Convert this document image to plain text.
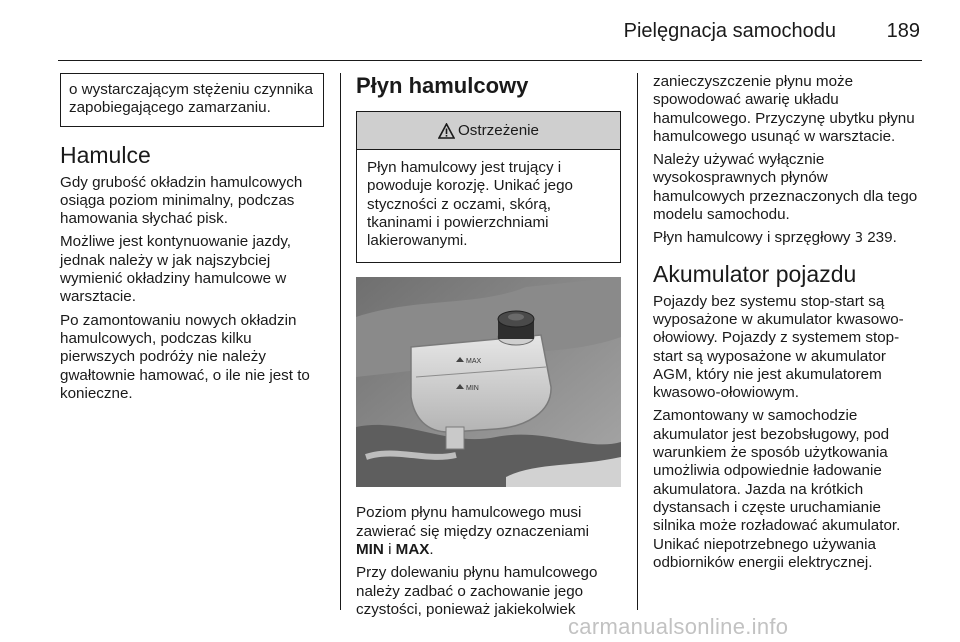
Pielęgnacja samochodu	189
o wystarczającym stężeniu czynnika zapobiegającego zamarzaniu.
Hamulce

Gdy grubość okładzin hamulcowych osiąga poziom minimalny, podczas hamowania słychać pisk.

Możliwe jest kontynuowanie jazdy, jednak należy w jak najszybciej wymienić okładziny hamulcowe w warsztacie.

Po zamontowaniu nowych okładzin hamulcowych, podczas kilku pierwszych podróży nie należy gwałtownie hamować, o ile nie jest to konieczne.

Płyn hamulcowy
Ostrzeżenie
Płyn hamulcowy jest trujący i powoduje korozję. Unikać jego styczności z oczami, skórą, tkaninami i powierzchniami lakierowanymi.
MAX
MIN

Poziom płynu hamulcowego musi zawierać się między oznaczeniami MIN i MAX.

Przy dolewaniu płynu hamulcowego należy zadbać o zachowanie jego czystości, ponieważ jakiekolwiek

zanieczyszczenie płynu może spowodować awarię układu hamulcowego. Przyczynę ubytku płynu hamulcowego usunąć w warsztacie.

Należy używać wyłącznie wysokosprawnych płynów hamulcowych przeznaczonych dla tego modelu samochodu.

Płyn hamulcowy i sprzęgłowy 3 239.

Akumulator pojazdu

Pojazdy bez systemu stop-start są wyposażone w akumulator kwasowo-ołowiowy. Pojazdy z systemem stop-start są wyposażone w akumulator AGM, który nie jest akumulatorem kwasowo-ołowiowym.

Zamontowany w samochodzie akumulator jest bezobsługowy, pod warunkiem że sposób użytkowania umożliwia odpowiednie ładowanie akumulatora. Jazda na krótkich dystansach i częste uruchamianie silnika może rozładować akumulator. Unikać niepotrzebnego używania odbiorników energii elektrycznej.

carmanualsonline.info
